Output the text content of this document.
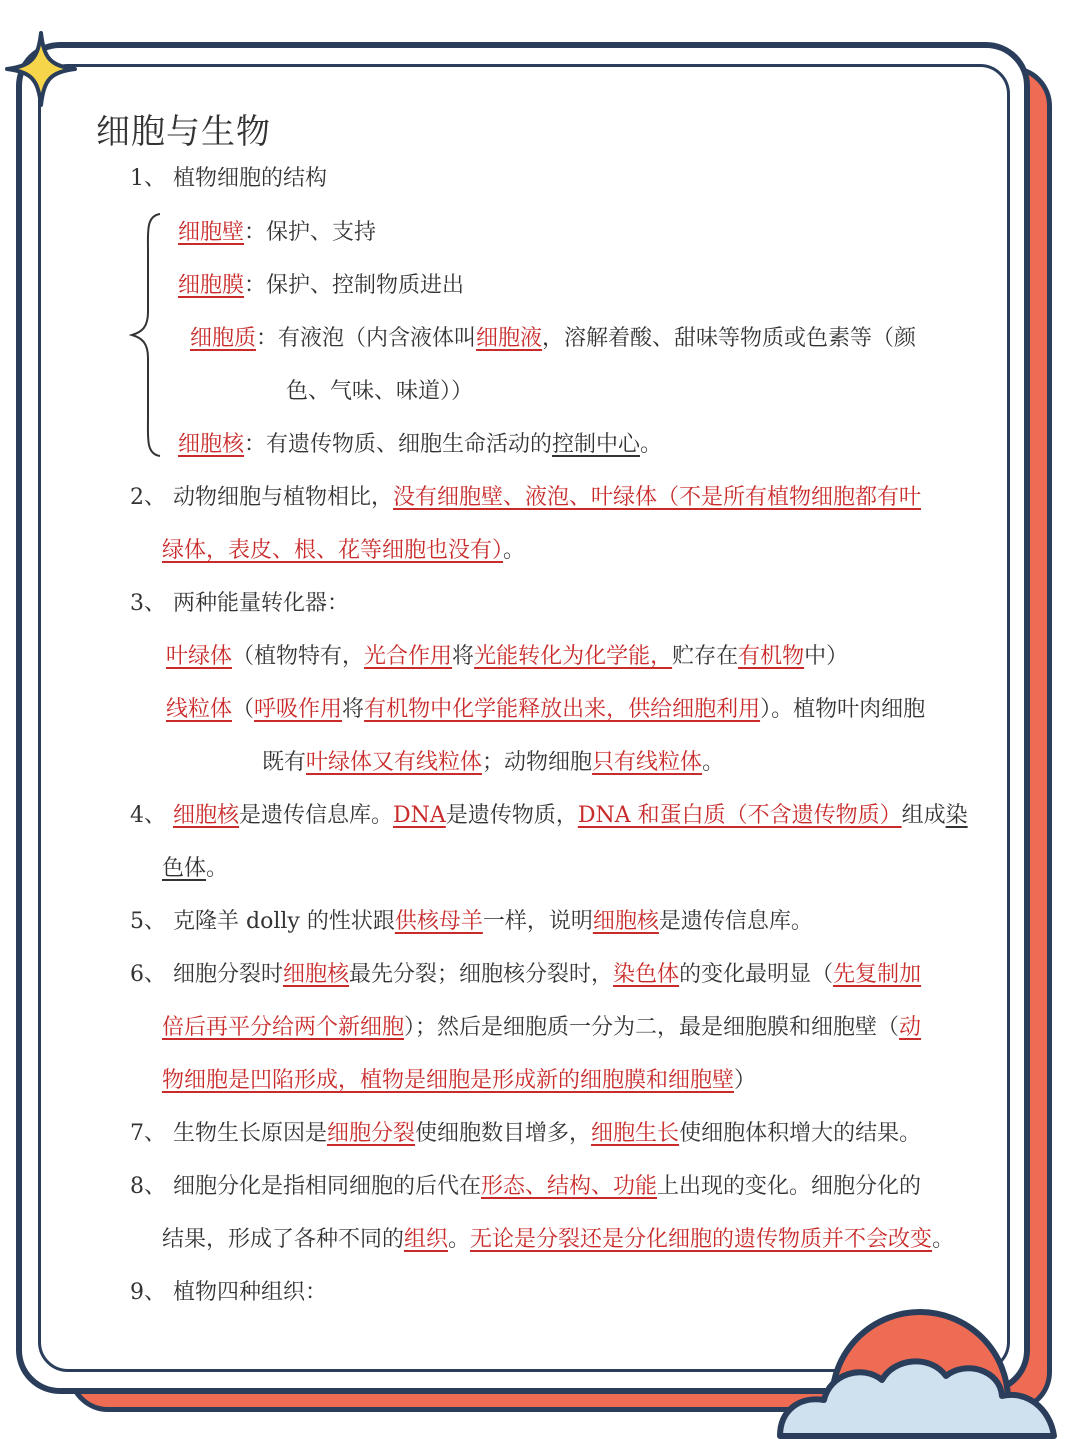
细胞与生物
1、 植物细胞的结构
细胞壁：保护、支持
细胞膜：保护、控制物质进出
细胞质：有液泡（内含液体叫细胞液，溶解着酸、甜味等物质或色素等（颜
色、气味、味道））
细胞核：有遗传物质、细胞生命活动的控制中心。
2、 动物细胞与植物相比，没有细胞壁、液泡、叶绿体（不是所有植物细胞都有叶
绿体，表皮、根、花等细胞也没有）。
3、 两种能量转化器：
叶绿体（植物特有，光合作用将光能转化为化学能，贮存在有机物中）
线粒体（呼吸作用将有机物中化学能释放出来，供给细胞利用）。植物叶肉细胞
既有叶绿体又有线粒体；动物细胞只有线粒体。
4、 细胞核是遗传信息库。DNA是遗传物质，DNA 和蛋白质（不含遗传物质）组成染
色体。
5、 克隆羊 dolly 的性状跟供核母羊一样，说明细胞核是遗传信息库。
6、 细胞分裂时细胞核最先分裂；细胞核分裂时，染色体的变化最明显（先复制加
倍后再平分给两个新细胞）；然后是细胞质一分为二，最是细胞膜和细胞壁（动
物细胞是凹陷形成，植物是细胞是形成新的细胞膜和细胞壁）
7、 生物生长原因是细胞分裂使细胞数目增多，细胞生长使细胞体积增大的结果。
8、 细胞分化是指相同细胞的后代在形态、结构、功能上出现的变化。细胞分化的
结果，形成了各种不同的组织。无论是分裂还是分化细胞的遗传物质并不会改变。
9、 植物四种组织：
